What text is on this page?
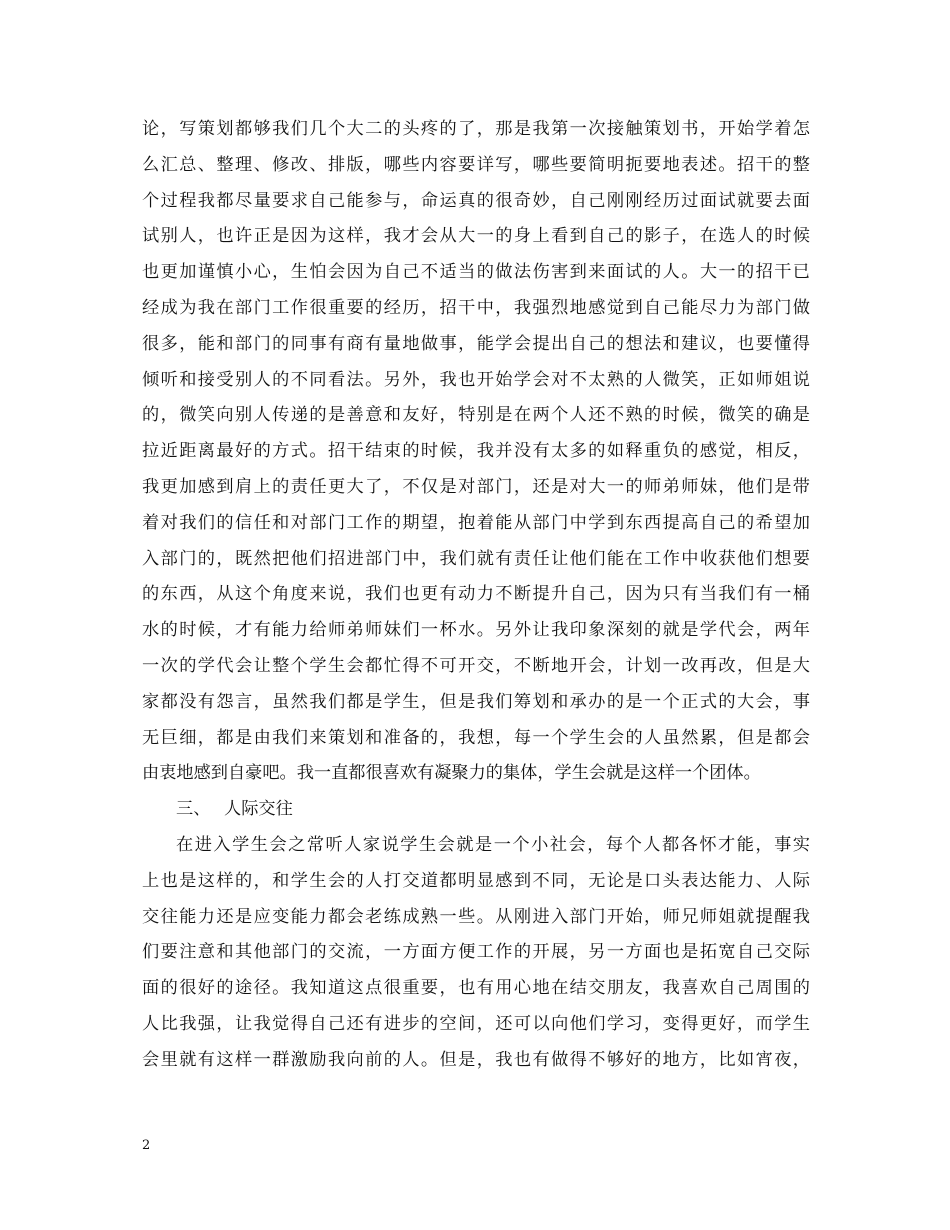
论，写策划都够我们几个大二的头疼的了，那是我第一次接触策划书，开始学着怎
么汇总、整理、修改、排版，哪些内容要详写，哪些要简明扼要地表述。招干的整
个过程我都尽量要求自己能参与，命运真的很奇妙，自己刚刚经历过面试就要去面
试别人，也许正是因为这样，我才会从大一的身上看到自己的影子，在选人的时候
也更加谨慎小心，生怕会因为自己不适当的做法伤害到来面试的人。大一的招干已
经成为我在部门工作很重要的经历，招干中，我强烈地感觉到自己能尽力为部门做
很多，能和部门的同事有商有量地做事，能学会提出自己的想法和建议，也要懂得
倾听和接受别人的不同看法。另外，我也开始学会对不太熟的人微笑，正如师姐说
的，微笑向别人传递的是善意和友好，特别是在两个人还不熟的时候，微笑的确是
拉近距离最好的方式。招干结束的时候，我并没有太多的如释重负的感觉，相反，
我更加感到肩上的责任更大了，不仅是对部门，还是对大一的师弟师妹，他们是带
着对我们的信任和对部门工作的期望，抱着能从部门中学到东西提高自己的希望加
入部门的，既然把他们招进部门中，我们就有责任让他们能在工作中收获他们想要
的东西，从这个角度来说，我们也更有动力不断提升自己，因为只有当我们有一桶
水的时候，才有能力给师弟师妹们一杯水。另外让我印象深刻的就是学代会，两年
一次的学代会让整个学生会都忙得不可开交，不断地开会，计划一改再改，但是大
家都没有怨言，虽然我们都是学生，但是我们筹划和承办的是一个正式的大会，事
无巨细，都是由我们来策划和准备的，我想，每一个学生会的人虽然累，但是都会
由衷地感到自豪吧。我一直都很喜欢有凝聚力的集体，学生会就是这样一个团体。
三、 人际交往
在进入学生会之常听人家说学生会就是一个小社会，每个人都各怀才能，事实
上也是这样的，和学生会的人打交道都明显感到不同，无论是口头表达能力、人际
交往能力还是应变能力都会老练成熟一些。从刚进入部门开始，师兄师姐就提醒我
们要注意和其他部门的交流，一方面方便工作的开展，另一方面也是拓宽自己交际
面的很好的途径。我知道这点很重要，也有用心地在结交朋友，我喜欢自己周围的
人比我强，让我觉得自己还有进步的空间，还可以向他们学习，变得更好，而学生
会里就有这样一群激励我向前的人。但是，我也有做得不够好的地方，比如宵夜，
2
